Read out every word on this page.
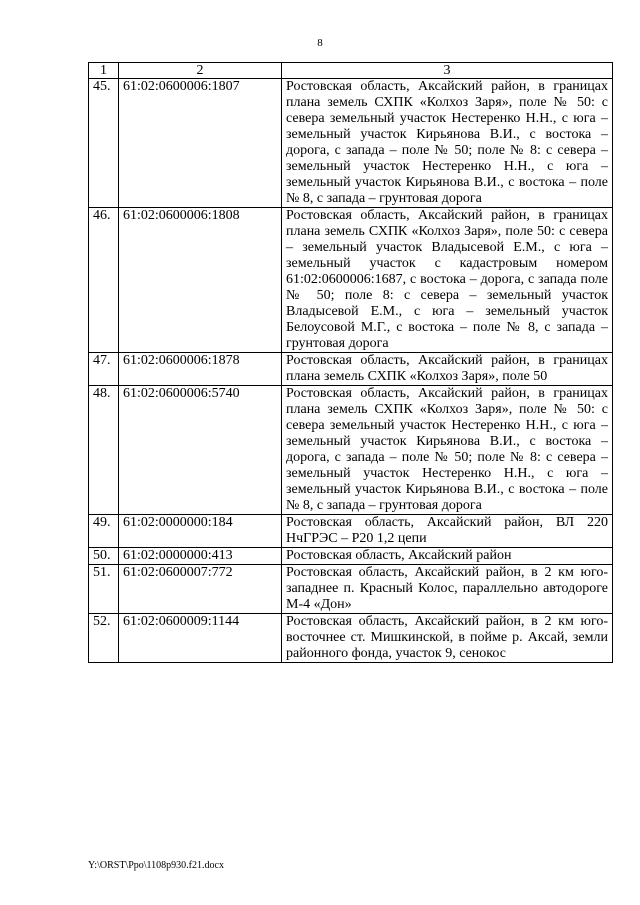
8
1	2	3
45.	61:02:0600006:1807	Ростовская область, Аксайский район, в границах плана земель СХПК «Колхоз Заря», поле № 50: с севера земельный участок Нестеренко Н.Н., с юга – земельный участок Кирьянова В.И., с востока – дорога, с запада – поле № 50; поле № 8: с севера – земельный участок Нестеренко Н.Н., с юга – земельный участок Кирьянова В.И., с востока – поле № 8, с запада – грунтовая дорога
46.	61:02:0600006:1808	Ростовская область, Аксайский район, в границах плана земель СХПК «Колхоз Заря», поле 50: с севера – земельный участок Владысевой Е.М., с юга – земельный участок с кадастровым номером 61:02:0600006:1687, с востока – дорога, с запада поле № 50; поле 8: с севера – земельный участок Владысевой Е.М., с юга – земельный участок Белоусовой М.Г., с востока – поле № 8, с запада – грунтовая дорога
47.	61:02:0600006:1878	Ростовская область, Аксайский район, в границах плана земель СХПК «Колхоз Заря», поле 50
48.	61:02:0600006:5740	Ростовская область, Аксайский район, в границах плана земель СХПК «Колхоз Заря», поле № 50: с севера земельный участок Нестеренко Н.Н., с юга – земельный участок Кирьянова В.И., с востока – дорога, с запада – поле № 50; поле № 8: с севера – земельный участок Нестеренко Н.Н., с юга – земельный участок Кирьянова В.И., с востока – поле № 8, с запада – грунтовая дорога
49.	61:02:0000000:184	Ростовская область, Аксайский район, ВЛ 220 НчГРЭС – Р20 1,2 цепи
50.	61:02:0000000:413	Ростовская область, Аксайский район
51.	61:02:0600007:772	Ростовская область, Аксайский район, в 2 км юго-западнее п. Красный Колос, параллельно автодороге М-4 «Дон»
52.	61:02:0600009:1144	Ростовская область, Аксайский район, в 2 км юго-восточнее ст. Мишкинской, в пойме р. Аксай, земли районного фонда, участок 9, сенокос
Y:\ORST\Ppo\1108p930.f21.docx
